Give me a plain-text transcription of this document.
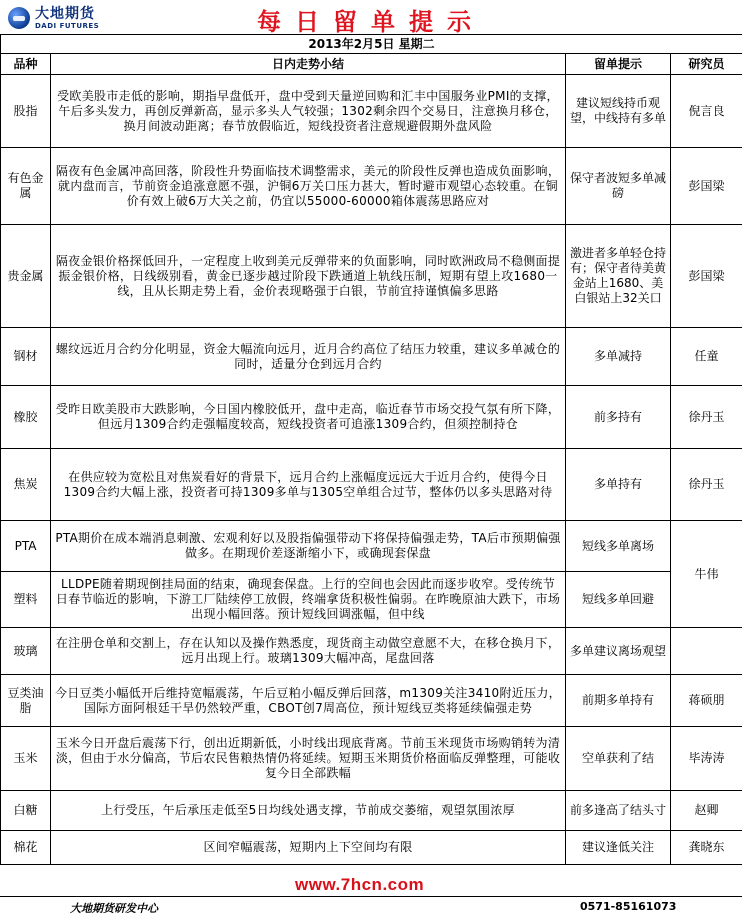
大地期货
DADI FUTURES	每日留单提示
2013年2月5日 星期二			
品种	日内走势小结	留单提示	研究员
股指	受欧美股市走低的影响，期指早盘低开，盘中受到天量逆回购和汇丰中国服务业PMI的支撑，午后多头发力，再创反弹新高，显示多头人气较强；1302剩余四个交易日，注意换月移仓，换月间波动距离；春节放假临近，短线投资者注意规避假期外盘风险	建议短线持币观望，中线持有多单	倪言良
有色金属	隔夜有色金属冲高回落，阶段性升势面临技术调整需求，美元的阶段性反弹也造成负面影响，就内盘而言，节前资金追涨意愿不强，沪铜6万关口压力甚大，暂时避市观望心态较重。在铜价有效上破6万大关之前，仍宜以55000-60000箱体震荡思路应对	保守者波短多单减磅	彭国梁
贵金属	隔夜金银价格探低回升，一定程度上收到美元反弹带来的负面影响，同时欧洲政局不稳侧面提振金银价格，日线级别看，黄金已逐步越过阶段下跌通道上轨线压制，短期有望上攻1680一线，且从长期走势上看，金价表现略强于白银，节前宜持谨慎偏多思路	激进者多单轻仓持有；保守者待美黄金站上1680、美白银站上32关口	彭国梁
钢材	螺纹远近月合约分化明显，资金大幅流向远月，近月合约高位了结压力较重，建议多单减仓的同时，适量分仓到远月合约	多单减持	任童
橡胶	受昨日欧美股市大跌影响，今日国内橡胶低开，盘中走高，临近春节市场交投气氛有所下降，但远月1309合约走强幅度较高，短线投资者可追涨1309合约，但须控制持仓	前多持有	徐丹玉
焦炭	在供应较为宽松且对焦炭看好的背景下，远月合约上涨幅度远远大于近月合约，使得今日1309合约大幅上涨，投资者可持1309多单与1305空单组合过节，整体仍以多头思路对待	多单持有	徐丹玉
PTA	PTA期价在成本端消息刺激、宏观利好以及股指偏强带动下将保持偏强走势，TA后市预期偏强做多。在期现价差逐渐缩小下，或确现套保盘	短线多单离场	牛伟
塑料	LLDPE随着期现倒挂局面的结束，确现套保盘。上行的空间也会因此而逐步收窄。受传统节日春节临近的影响，下游工厂陆续停工放假，终端拿货积极性偏弱。在昨晚原油大跌下，市场出现小幅回落。预计短线回调涨幅，但中线	短线多单回避	
玻璃	在注册仓单和交割上，存在认知以及操作熟悉度，现货商主动做空意愿不大，在移仓换月下，远月出现上行。玻璃1309大幅冲高，尾盘回落	多单建议离场观望	
豆类油脂	今日豆类小幅低开后维持宽幅震荡，午后豆粕小幅反弹后回落，m1309关注3410附近压力，国际方面阿根廷干旱仍然较严重，CBOT创7周高位，预计短线豆类将延续偏强走势	前期多单持有	蒋硕朋
玉米	玉米今日开盘后震荡下行，创出近期新低，小时线出现底背离。节前玉米现货市场购销转为清淡，但由于水分偏高，节后农民售粮热情仍将延续。短期玉米期货价格面临反弹整理，可能收复今日全部跌幅	空单获利了结	毕涛涛
白糖	上行受压，午后承压走低至5日均线处遇支撑，节前成交萎缩，观望氛围浓厚	前多逢高了结头寸	赵卿
棉花	区间窄幅震荡，短期内上下空间均有限	建议逢低关注	龚晓东
www.7hcn.com
大地期货研发中心	0571-85161073
